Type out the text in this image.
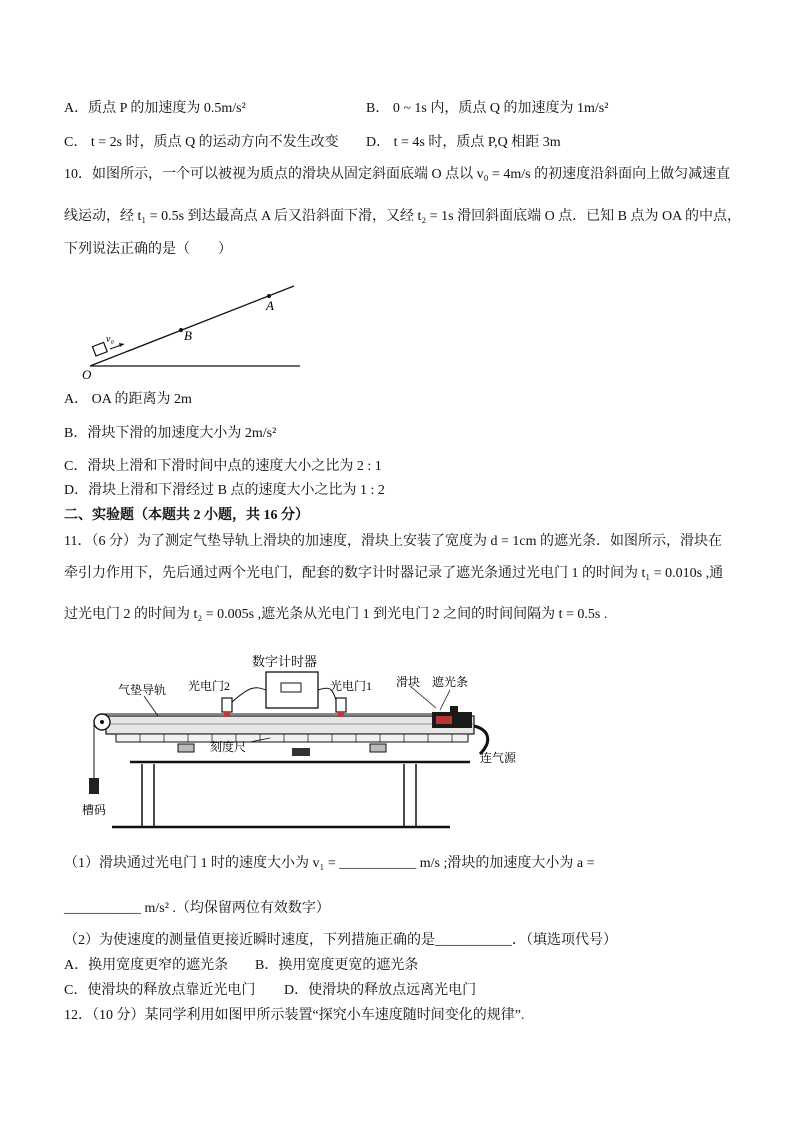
A．质点 P 的加速度为 0.5m/s²	B． 0 ~ 1s 内，质点 Q 的加速度为 1m/s²
C． t = 2s 时，质点 Q 的运动方向不发生改变 D． t = 4s 时，质点 P,Q 相距 3m
10．如图所示，一个可以被视为质点的滑块从固定斜面底端 O 点以 v₀ = 4m/s 的初速度沿斜面向上做匀减速直
线运动，经 t₁ = 0.5s 到达最高点 A 后又沿斜面下滑，又经 t₂ = 1s 滑回斜面底端 O 点．已知 B 点为 OA 的中点，
下列说法正确的是（　　）
v₀
A
B
O
A． OA 的距离为 2m
B．滑块下滑的加速度大小为 2m/s²
C．滑块上滑和下滑时间中点的速度大小之比为 2 : 1
D．滑块上滑和下滑经过 B 点的速度大小之比为 1 : 2
二、实验题（本题共 2 小题，共 16 分）
11．（6 分）为了测定气垫导轨上滑块的加速度，滑块上安装了宽度为 d = 1cm 的遮光条．如图所示，滑块在
牵引力作用下，先后通过两个光电门，配套的数字计时器记录了遮光条通过光电门 1 的时间为 t₁ = 0.010s ,通
过光电门 2 的时间为 t₂ = 0.005s ,遮光条从光电门 1 到光电门 2 之间的时间间隔为 t = 0.5s .
数字计时器
光电门2	光电门1
气垫导轨
滑块 遮光条
刻度尺
连气源
槽码
（1）滑块通过光电门 1 时的速度大小为 v₁ = ___________ m/s ;滑块的加速度大小为 a =
___________ m/s² .（均保留两位有效数字）
（2）为使速度的测量值更接近瞬时速度，下列措施正确的是___________．（填选项代号）
A．换用宽度更窄的遮光条 B．换用宽度更宽的遮光条
C．使滑块的释放点靠近光电门 D．使滑块的释放点远离光电门
12．（10 分）某同学利用如图甲所示装置“探究小车速度随时间变化的规律”.
